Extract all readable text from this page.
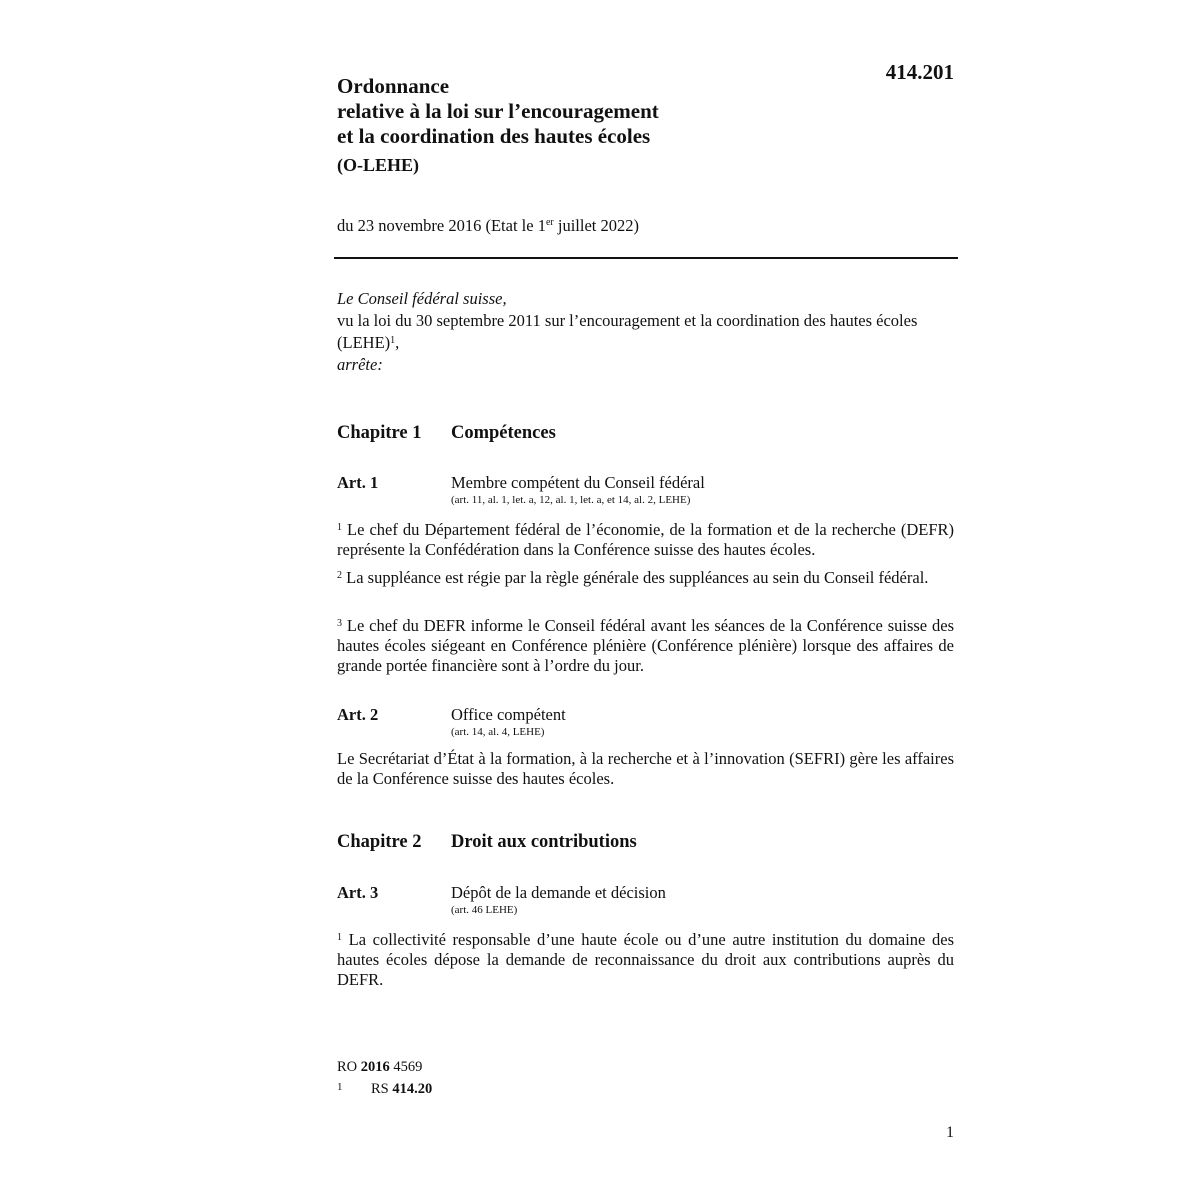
414.201
Ordonnance
relative à la loi sur l’encouragement
et la coordination des hautes écoles
(O-LEHE)
du 23 novembre 2016 (Etat le 1er juillet 2022)

Le Conseil fédéral suisse,

vu la loi du 30 septembre 2011 sur l’encouragement et la coordination des hautes écoles (LEHE)$^1$,

arrête:

Chapitre 1 Compétences
Art. 1	Membre compétent du Conseil fédéral
(art. 11, al. 1, let. a, 12, al. 1, let. a, et 14, al. 2, LEHE)
$^1$ Le chef du Département fédéral de l’économie, de la formation et de la recherche (DEFR) représente la Confédération dans la Conférence suisse des hautes écoles.
$^2$ La suppléance est régie par la règle générale des suppléances au sein du Conseil fédéral.
$^3$ Le chef du DEFR informe le Conseil fédéral avant les séances de la Conférence suisse des hautes écoles siégeant en Conférence plénière (Conférence plénière) lorsque des affaires de grande portée financière sont à l’ordre du jour.
Art. 2	Office compétent
(art. 14, al. 4, LEHE)
Le Secrétariat d’État à la formation, à la recherche et à l’innovation (SEFRI) gère les affaires de la Conférence suisse des hautes écoles.
Chapitre 2 Droit aux contributions
Art. 3	Dépôt de la demande et décision
(art. 46 LEHE)
$^1$ La collectivité responsable d’une haute école ou d’une autre institution du domaine des hautes écoles dépose la demande de reconnaissance du droit aux contributions auprès du DEFR.
RO 2016 4569
1 RS 414.20
1
